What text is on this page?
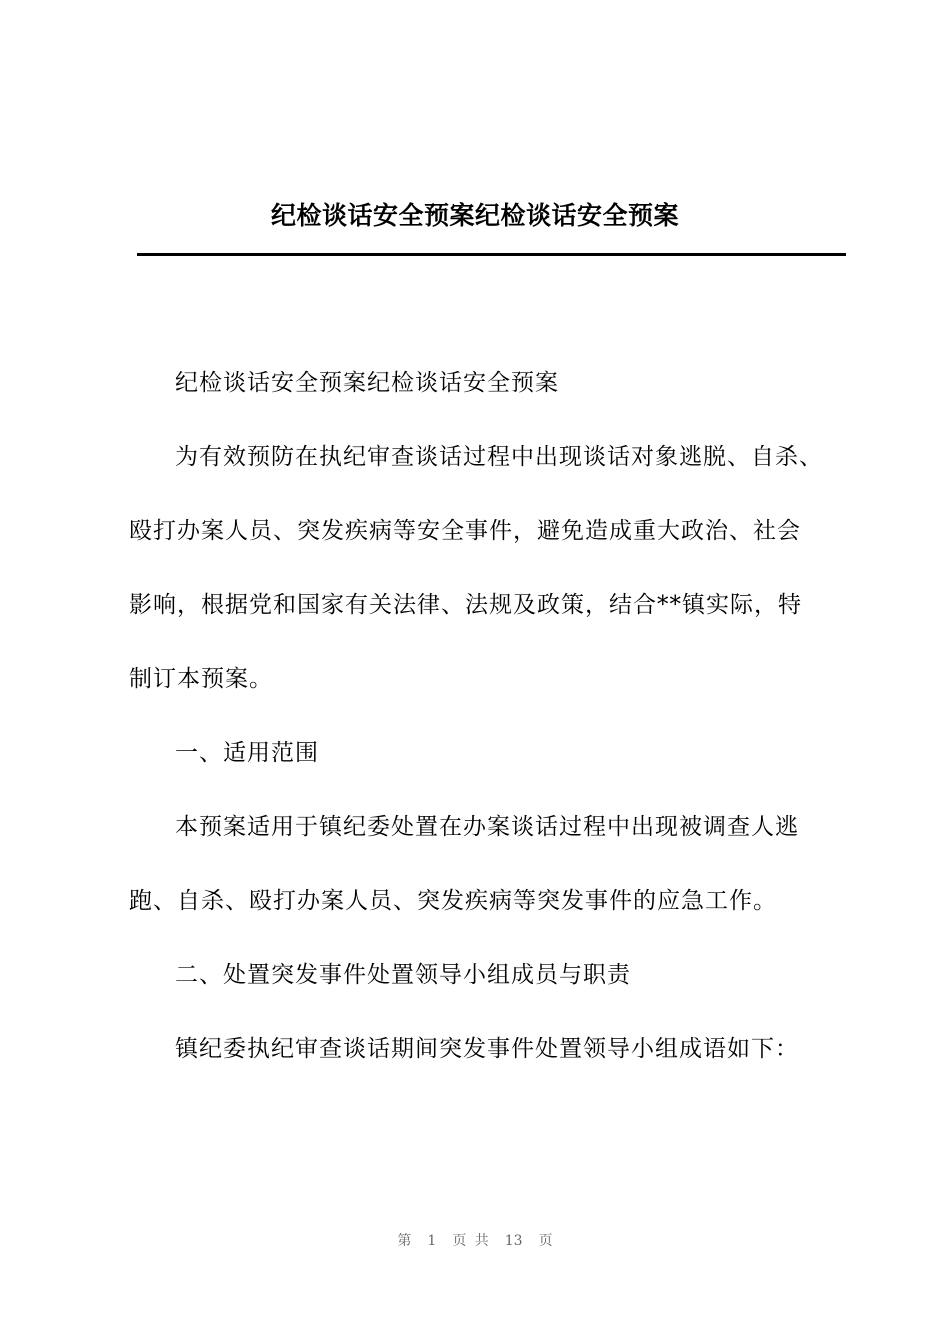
纪检谈话安全预案纪检谈话安全预案

纪检谈话安全预案纪检谈话安全预案

为有效预防在执纪审查谈话过程中出现谈话对象逃脱、自杀、

殴打办案人员、突发疾病等安全事件，避免造成重大政治、社会

影响，根据党和国家有关法律、法规及政策，结合**镇实际，特

制订本预案。

一、适用范围

本预案适用于镇纪委处置在办案谈话过程中出现被调查人逃

跑、自杀、殴打办案人员、突发疾病等突发事件的应急工作。

二、处置突发事件处置领导小组成员与职责

镇纪委执纪审查谈话期间突发事件处置领导小组成语如下：

第 1 页 共 13 页
